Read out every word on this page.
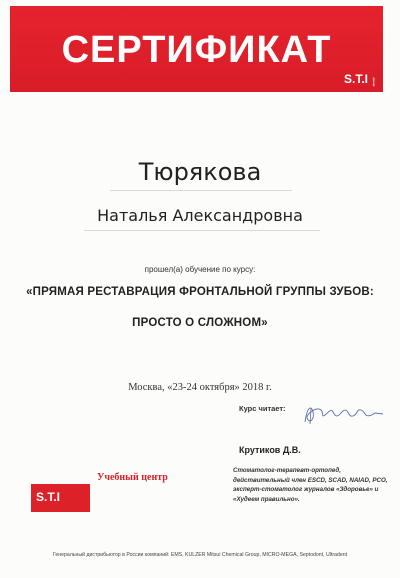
СЕРТИФИКАТ
S.T.I dental
Тюрякова
Наталья Александровна
прошел(а) обучение по курсу:
«ПРЯМАЯ РЕСТАВРАЦИЯ ФРОНТАЛЬНОЙ ГРУППЫ ЗУБОВ:
ПРОСТО О СЛОЖНОМ»
Москва, «23-24 октября» 2018 г.
Курс читает:
Крутиков Д.В.
Стоматолог-терапевт-ортопед, действительный член ESCD, SCAD, NAIAD, PCO, эксперт-стоматолог журналов «Здоровье» и «Худеем правильно».
S.T.I
Учебный центр
Генеральный дистрибьютор в России компаний: EMS, KULZER Mitsui Chemical Group, MICRO-MEGA, Septodont, Ultradent
